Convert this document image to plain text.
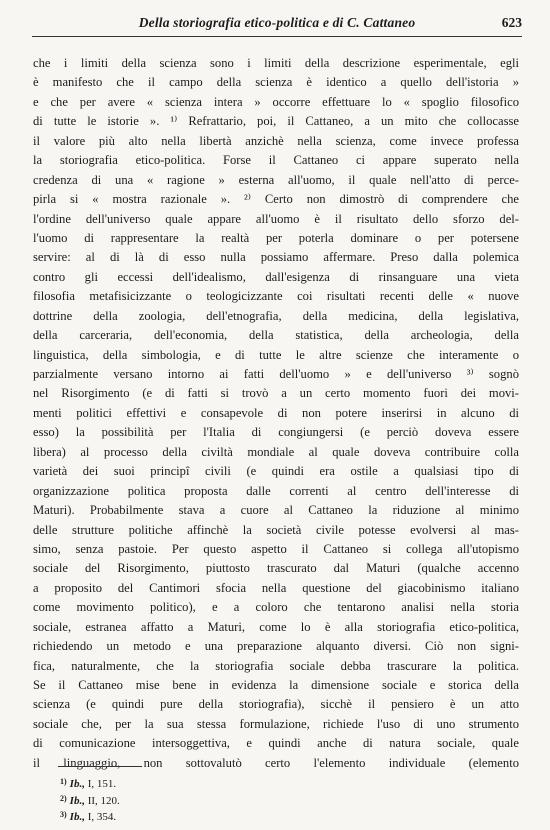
Della storiografia etico-politica e di C. Cattaneo	623
che i limiti della scienza sono i limiti della descrizione esperimentale, egli
è manifesto che il campo della scienza è identico a quello dell'istoria »
e che per avere « scienza intera » occorre effettuare lo « spoglio filosofico
di tutte le istorie ». ¹⁾ Refrattario, poi, il Cattaneo, a un mito che collocasse
il valore più alto nella libertà anzichè nella scienza, come invece professa
la storiografia etico-politica. Forse il Cattaneo ci appare superato nella
credenza di una « ragione » esterna all'uomo, il quale nell'atto di perce-
pirla si « mostra razionale ». ²⁾ Certo non dimostrò di comprendere che
l'ordine dell'universo quale appare all'uomo è il risultato dello sforzo del-
l'uomo di rappresentare la realtà per poterla dominare o per potersene
servire: al di là di esso nulla possiamo affermare. Preso dalla polemica
contro gli eccessi dell'idealismo, dall'esigenza di rinsanguare una vieta
filosofia metafisicizzante o teologicizzante coi risultati recenti delle « nuove
dottrine della zoologia, dell'etnografia, della medicina, della legislativa,
della carceraria, dell'economia, della statistica, della archeologia, della
linguistica, della simbologia, e di tutte le altre scienze che interamente o
parzialmente versano intorno ai fatti dell'uomo » e dell'universo ³⁾ sognò
nel Risorgimento (e di fatti si trovò a un certo momento fuori dei movi-
menti politici effettivi e consapevole di non potere inserirsi in alcuno di
esso) la possibilità per l'Italia di congiungersi (e perciò doveva essere
libera) al processo della civiltà mondiale al quale doveva contribuire colla
varietà dei suoi principî civili (e quindi era ostile a qualsiasi tipo di
organizzazione politica proposta dalle correnti al centro dell'interesse di
Maturi). Probabilmente stava a cuore al Cattaneo la riduzione al minimo
delle strutture politiche affinchè la società civile potesse evolversi al mas-
simo, senza pastoie. Per questo aspetto il Cattaneo si collega all'utopismo
sociale del Risorgimento, piuttosto trascurato dal Maturi (qualche accenno
a proposito del Cantimori sfocia nella questione del giacobinismo italiano
come movimento politico), e a coloro che tentarono analisi nella storia
sociale, estranea affatto a Maturi, come lo è alla storiografia etico-politica,
richiedendo un metodo e una preparazione alquanto diversi. Ciò non signi-
fica, naturalmente, che la storiografia sociale debba trascurare la politica.
Se il Cattaneo mise bene in evidenza la dimensione sociale e storica della
scienza (e quindi pure della storiografia), sicchè il pensiero è un atto
sociale che, per la sua stessa formulazione, richiede l'uso di uno strumento
di comunicazione intersoggettiva, e quindi anche di natura sociale, quale
il linguaggio, non sottovalutò certo l'elemento individuale (elemento
$^{1)}$ Ib., I, 151.
$^{2)}$ Ib., II, 120.
$^{3)}$ Ib., I, 354.
